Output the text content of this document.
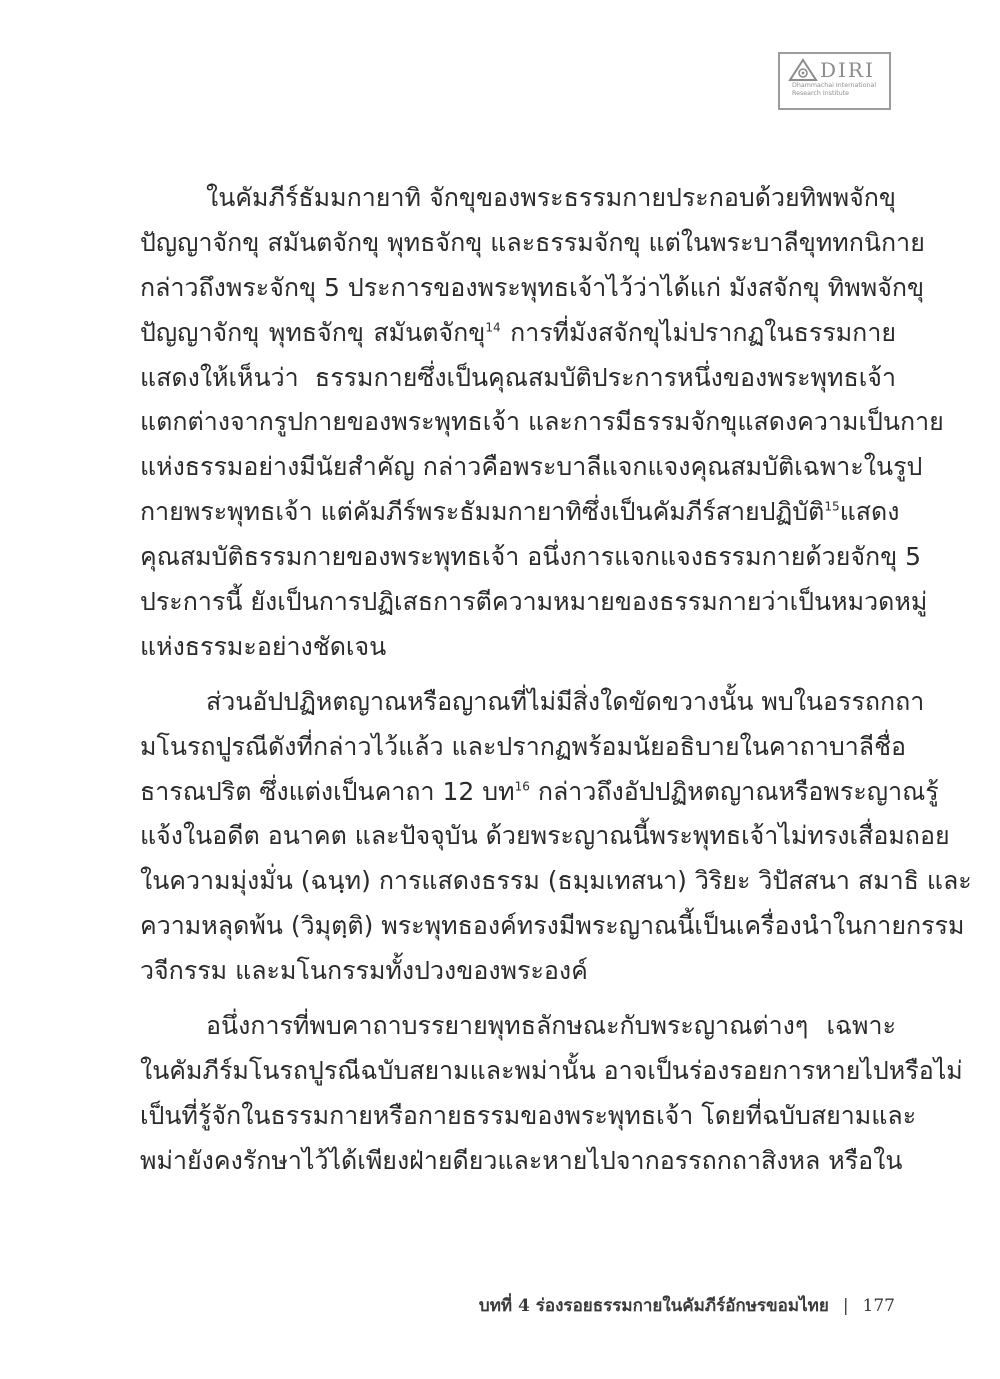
DIRI
Dhammachai International
Research Institute
ในคัมภีร์ธัมมกายาทิ จักขุของพระธรรมกายประกอบด้วยทิพพจักขุ
ปัญญาจักขุ สมันตจักขุ พุทธจักขุ และธรรมจักขุ แต่ในพระบาลีขุททกนิกาย
กล่าวถึงพระจักขุ 5 ประการของพระพุทธเจ้าไว้ว่าได้แก่ มังสจักขุ ทิพพจักขุ
ปัญญาจักขุ พุทธจักขุ สมันตจักขุ$^{14}$ การที่มังสจักขุไม่ปรากฏในธรรมกาย
แสดงให้เห็นว่า ธรรมกายซึ่งเป็นคุณสมบัติประการหนึ่งของพระพุทธเจ้า
แตกต่างจากรูปกายของพระพุทธเจ้า และการมีธรรมจักขุแสดงความเป็นกาย
แห่งธรรมอย่างมีนัยสำคัญ กล่าวคือพระบาลีแจกแจงคุณสมบัติเฉพาะในรูป
กายพระพุทธเจ้า แต่คัมภีร์พระธัมมกายาทิซึ่งเป็นคัมภีร์สายปฏิบัติ$^{15}$แสดง
คุณสมบัติธรรมกายของพระพุทธเจ้า อนึ่งการแจกแจงธรรมกายด้วยจักขุ 5
ประการนี้ ยังเป็นการปฏิเสธการตีความหมายของธรรมกายว่าเป็นหมวดหมู่
แห่งธรรมะอย่างชัดเจน
ส่วนอัปปฏิหตญาณหรือญาณที่ไม่มีสิ่งใดขัดขวางนั้น พบในอรรถกถา
มโนรถปูรณีดังที่กล่าวไว้แล้ว และปรากฏพร้อมนัยอธิบายในคาถาบาลีชื่อ
ธารณปริต ซึ่งแต่งเป็นคาถา 12 บท$^{16}$ กล่าวถึงอัปปฏิหตญาณหรือพระญาณรู้
แจ้งในอดีต อนาคต และปัจจุบัน ด้วยพระญาณนี้พระพุทธเจ้าไม่ทรงเสื่อมถอย
ในความมุ่งมั่น (ฉนฺท) การแสดงธรรม (ธมฺมเทสนา) วิริยะ วิปัสสนา สมาธิ และ
ความหลุดพ้น (วิมุตฺติ) พระพุทธองค์ทรงมีพระญาณนี้เป็นเครื่องนำในกายกรรม
วจีกรรม และมโนกรรมทั้งปวงของพระองค์
อนึ่งการที่พบคาถาบรรยายพุทธลักษณะกับพระญาณต่างๆ เฉพาะ
ในคัมภีร์มโนรถปูรณีฉบับสยามและพม่านั้น อาจเป็นร่องรอยการหายไปหรือไม่
เป็นที่รู้จักในธรรมกายหรือกายธรรมของพระพุทธเจ้า โดยที่ฉบับสยามและ
พม่ายังคงรักษาไว้ได้เพียงฝ่ายดียวและหายไปจากอรรถกถาสิงหล หรือใน
บทที่ 4 ร่องรอยธรรมกายในคัมภีร์อักษรขอมไทย | 177
